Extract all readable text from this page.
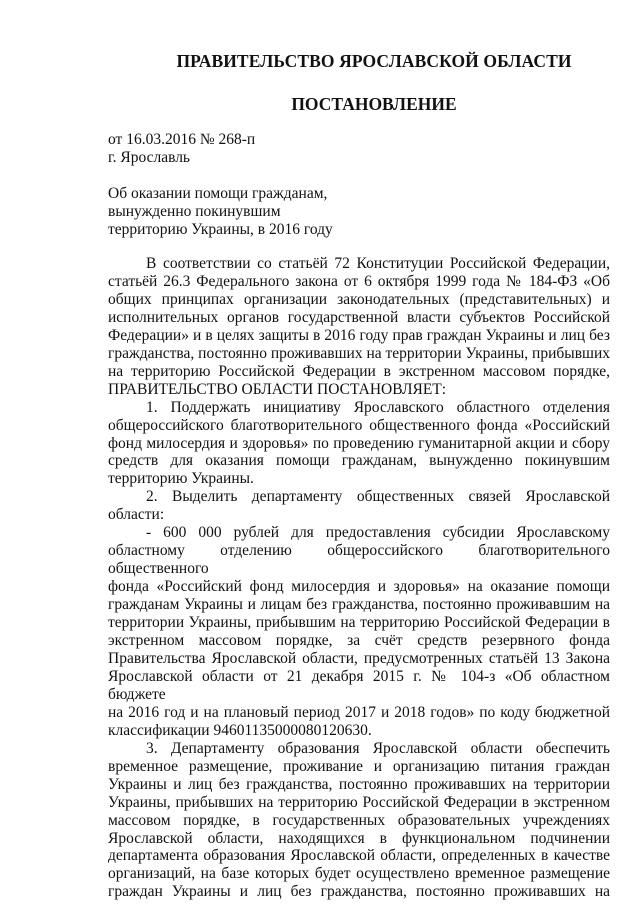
ПРАВИТЕЛЬСТВО ЯРОСЛАВСКОЙ ОБЛАСТИ
ПОСТАНОВЛЕНИЕ
от 16.03.2016 № 268-п
г. Ярославль
Об оказании помощи гражданам,
вынужденно покинувшим
территорию Украины, в 2016 году

В соответствии со статьёй 72 Конституции Российской Федерации,

статьёй 26.3 Федерального закона от 6 октября 1999 года № 184-ФЗ «Об

общих принципах организации законодательных (представительных) и

исполнительных органов государственной власти субъектов Российской

Федерации» и в целях защиты в 2016 году прав граждан Украины и лиц без

гражданства, постоянно проживавших на территории Украины, прибывших

на территорию Российской Федерации в экстренном массовом порядке,

ПРАВИТЕЛЬСТВО ОБЛАСТИ ПОСТАНОВЛЯЕТ:

1. Поддержать инициативу Ярославского областного отделения

общероссийского благотворительного общественного фонда «Российский

фонд милосердия и здоровья» по проведению гуманитарной акции и сбору

средств для оказания помощи гражданам, вынужденно покинувшим

территорию Украины.

2. Выделить департаменту общественных связей Ярославской области:

- 600 000 рублей для предоставления субсидии Ярославскому

областному отделению общероссийского благотворительного общественного

фонда «Российский фонд милосердия и здоровья» на оказание помощи

гражданам Украины и лицам без гражданства, постоянно проживавшим на

территории Украины, прибывшим на территорию Российской Федерации в

экстренном массовом порядке, за счёт средств резервного фонда

Правительства Ярославской области, предусмотренных статьёй 13 Закона

Ярославской области от 21 декабря 2015 г. № 104-з «Об областном бюджете

на 2016 год и на плановый период 2017 и 2018 годов» по коду бюджетной

классификации 94601135000080120630.

3. Департаменту образования Ярославской области обеспечить

временное размещение, проживание и организацию питания граждан

Украины и лиц без гражданства, постоянно проживавших на территории

Украины, прибывших на территорию Российской Федерации в экстренном

массовом порядке, в государственных образовательных учреждениях

Ярославской области, находящихся в функциональном подчинении

департамента образования Ярославской области, определенных в качестве

организаций, на базе которых будет осуществлено временное размещение

граждан Украины и лиц без гражданства, постоянно проживавших на
